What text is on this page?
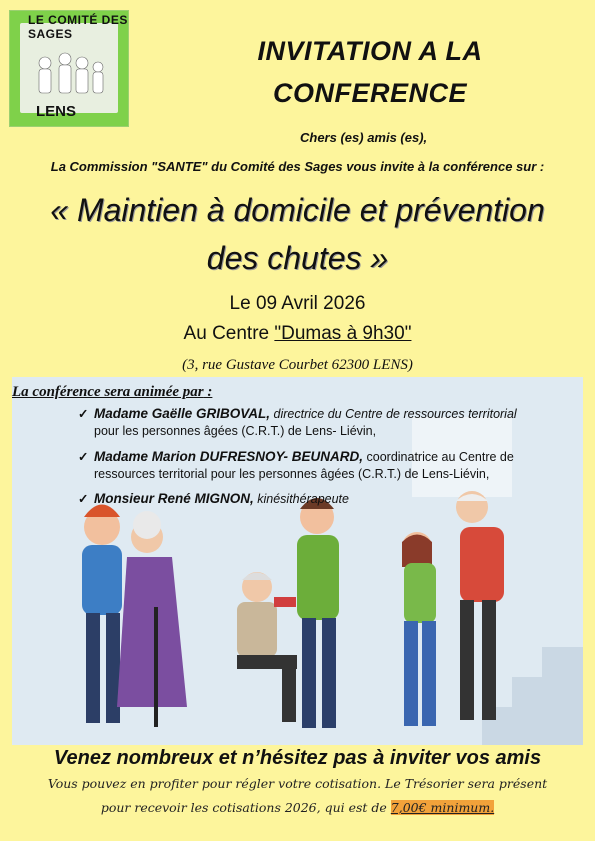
LE COMITÉ DES SAGES
LENS
INVITATION A LA
CONFERENCE
Chers (es) amis (es),
La Commission "SANTE" du Comité des Sages vous invite à la conférence sur :
« Maintien à domicile et prévention
des chutes »
Le 09 Avril 2026
Au Centre "Dumas à 9h30"
(3, rue Gustave Courbet 62300 LENS)
La conférence sera animée par :
✓ Madame Gaëlle GRIBOVAL, directrice du Centre de ressources territorial
pour les personnes âgées (C.R.T.) de Lens- Liévin,
✓ Madame Marion DUFRESNOY- BEUNARD, coordinatrice au Centre de
ressources territorial pour les personnes âgées (C.R.T.) de Lens-Liévin,
✓ Monsieur René MIGNON, kinésithérapeute
Venez nombreux et n’hésitez pas à inviter vos amis
Vous pouvez en profiter pour régler votre cotisation. Le Trésorier sera présent
pour recevoir les cotisations 2026, qui est de 7,00€ minimum.
